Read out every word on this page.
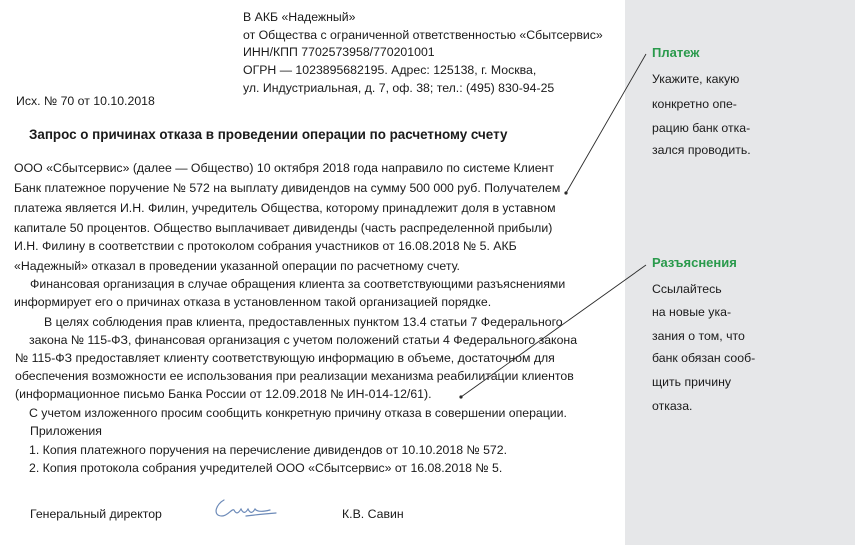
В АКБ «Надежный»
от Общества с ограниченной ответственностью «Сбытсервис»
ИНН/КПП 7702573958/770201001
ОГРН — 1023895682195. Адрес: 125138, г. Москва,
ул. Индустриальная, д. 7, оф. 38; тел.: (495) 830-94-25
Исх. № 70 от 10.10.2018
Запрос о причинах отказа в проведении операции по расчетному счету
ООО «Сбытсервис» (далее — Общество) 10 октября 2018 года направило по системе Клиент
Банк платежное поручение № 572 на выплату дивидендов на сумму 500 000 руб. Получателем
платежа является И.Н. Филин, учредитель Общества, которому принадлежит доля в уставном
капитале 50 процентов. Общество выплачивает дивиденды (часть распределенной прибыли)
И.Н. Филину в соответствии с протоколом собрания участников от 16.08.2018 № 5. АКБ
«Надежный» отказал в проведении указанной операции по расчетному счету.
Финансовая организация в случае обращения клиента за соответствующими разъяснениями
информирует его о причинах отказа в установленном такой организацией порядке.
В целях соблюдения прав клиента, предоставленных пунктом 13.4 статьи 7 Федерального
закона № 115-ФЗ, финансовая организация с учетом положений статьи 4 Федерального закона
№ 115-ФЗ предоставляет клиенту соответствующую информацию в объеме, достаточном для
обеспечения возможности ее использования при реализации механизма реабилитации клиентов
(информационное письмо Банка России от 12.09.2018 № ИН-014-12/61).
С учетом изложенного просим сообщить конкретную причину отказа в совершении операции.
Приложения
1. Копия платежного поручения на перечисление дивидендов от 10.10.2018 № 572.
2. Копия протокола собрания учредителей ООО «Сбытсервис» от 16.08.2018 № 5.
Генеральный директор	К.В. Савин
Платеж
Укажите, какую
конкретно опе-
рацию банк отка-
зался проводить.
Разъяснения
Ссылайтесь
на новые ука-
зания о том, что
банк обязан сооб-
щить причину
отказа.
